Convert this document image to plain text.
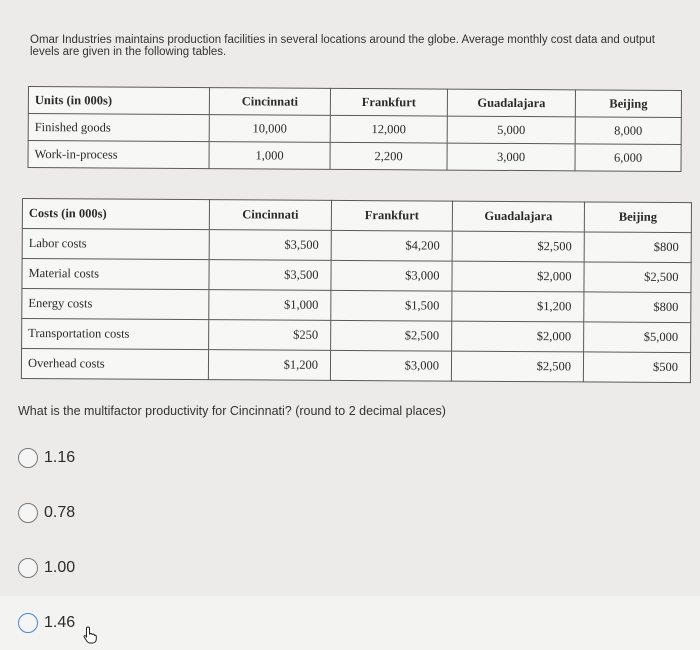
Omar Industries maintains production facilities in several locations around the globe. Average monthly cost data and output levels are given in the following tables.
Units (in 000s)	Cincinnati	Frankfurt	Guadalajara	Beijing
Finished goods	10,000	12,000	5,000	8,000
Work-in-process	1,000	2,200	3,000	6,000
Costs (in 000s)	Cincinnati	Frankfurt	Guadalajara	Beijing
Labor costs	$3,500	$4,200	$2,500	$800
Material costs	$3,500	$3,000	$2,000	$2,500
Energy costs	$1,000	$1,500	$1,200	$800
Transportation costs	$250	$2,500	$2,000	$5,000
Overhead costs	$1,200	$3,000	$2,500	$500
What is the multifactor productivity for Cincinnati? (round to 2 decimal places)
1.16
0.78
1.00
1.46
